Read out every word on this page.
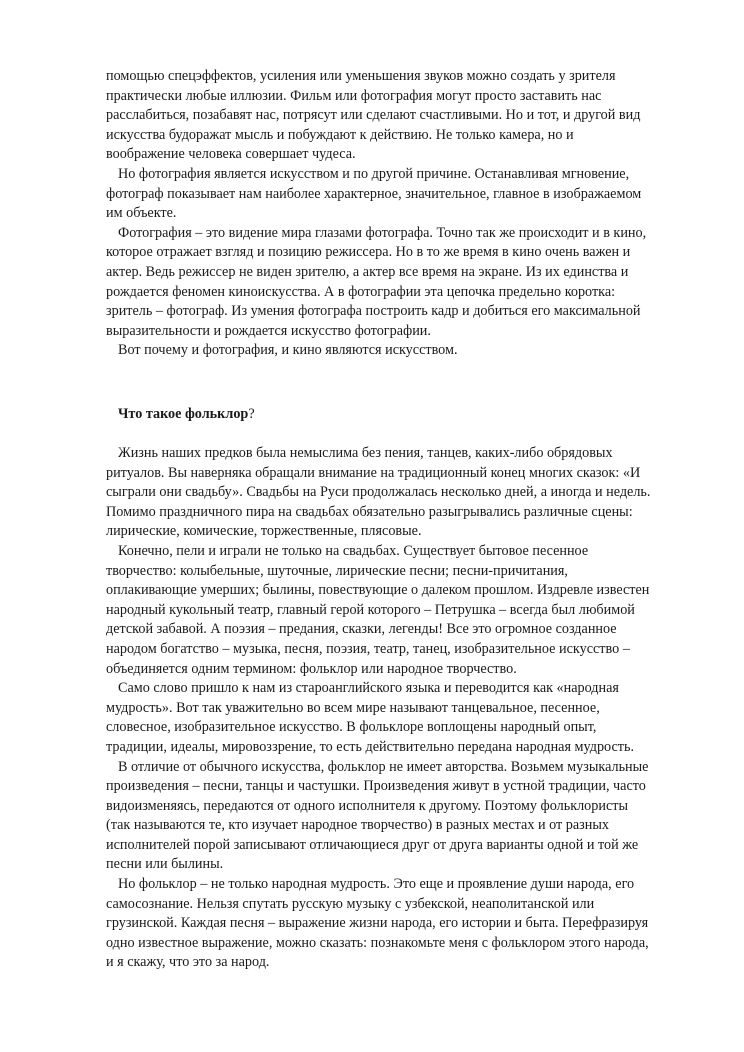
помощью спецэффектов, усиления или уменьшения звуков можно создать у зрителя
практически любые иллюзии. Фильм или фотография могут просто заставить нас
расслабиться, позабавят нас, потрясут или сделают счастливыми. Но и тот, и другой вид
искусства будоражат мысль и побуждают к действию. Не только камера, но и
воображение человека совершает чудеса.
Но фотография является искусством и по другой причине. Останавливая мгновение,
фотограф показывает нам наиболее характерное, значительное, главное в изображаемом
им объекте.
Фотография – это видение мира глазами фотографа. Точно так же происходит и в кино,
которое отражает взгляд и позицию режиссера. Но в то же время в кино очень важен и
актер. Ведь режиссер не виден зрителю, а актер все время на экране. Из их единства и
рождается феномен киноискусства. А в фотографии эта цепочка предельно коротка:
зритель – фотограф. Из умения фотографа построить кадр и добиться его максимальной
выразительности и рождается искусство фотографии.
Вот почему и фотография, и кино являются искусством.
Что такое фольклор?
Жизнь наших предков была немыслима без пения, танцев, каких-либо обрядовых
ритуалов. Вы наверняка обращали внимание на традиционный конец многих сказок: «И
сыграли они свадьбу». Свадьбы на Руси продолжалась несколько дней, а иногда и недель.
Помимо праздничного пира на свадьбах обязательно разыгрывались различные сцены:
лирические, комические, торжественные, плясовые.
Конечно, пели и играли не только на свадьбах. Существует бытовое песенное
творчество: колыбельные, шуточные, лирические песни; песни-причитания,
оплакивающие умерших; былины, повествующие о далеком прошлом. Издревле известен
народный кукольный театр, главный герой которого – Петрушка – всегда был любимой
детской забавой. А поэзия – предания, сказки, легенды! Все это огромное созданное
народом богатство – музыка, песня, поэзия, театр, танец, изобразительное искусство –
объединяется одним термином: фольклор или народное творчество.
Само слово пришло к нам из староанглийского языка и переводится как «народная
мудрость». Вот так уважительно во всем мире называют танцевальное, песенное,
словесное, изобразительное искусство. В фольклоре воплощены народный опыт,
традиции, идеалы, мировоззрение, то есть действительно передана народная мудрость.
В отличие от обычного искусства, фольклор не имеет авторства. Возьмем музыкальные
произведения – песни, танцы и частушки. Произведения живут в устной традиции, часто
видоизменяясь, передаются от одного исполнителя к другому. Поэтому фольклористы
(так называются те, кто изучает народное творчество) в разных местах и от разных
исполнителей порой записывают отличающиеся друг от друга варианты одной и той же
песни или былины.
Но фольклор – не только народная мудрость. Это еще и проявление души народа, его
самосознание. Нельзя спутать русскую музыку с узбекской, неаполитанской или
грузинской. Каждая песня – выражение жизни народа, его истории и быта. Перефразируя
одно известное выражение, можно сказать: познакомьте меня с фольклором этого народа,
и я скажу, что это за народ.
